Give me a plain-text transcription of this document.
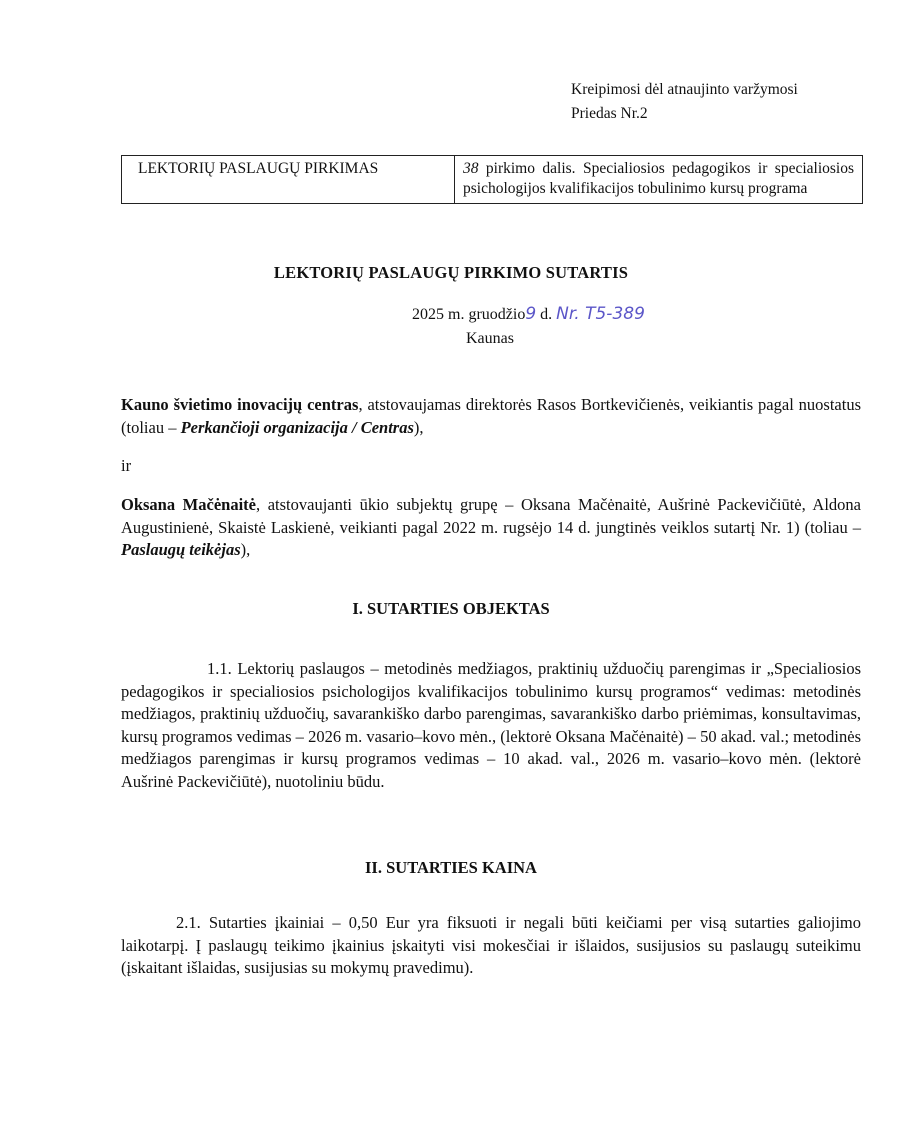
Kreipimosi dėl atnaujinto varžymosi
Priedas Nr.2
LEKTORIŲ PASLAUGŲ PIRKIMAS	38 pirkimo dalis. Specialiosios pedagogikos ir specialiosios psichologijos kvalifikacijos tobulinimo kursų programa
LEKTORIŲ PASLAUGŲ PIRKIMO SUTARTIS
2025 m. gruodžio9 d. Nr. T5-389
Kaunas
Kauno švietimo inovacijų centras, atstovaujamas direktorės Rasos Bortkevičienės, veikiantis pagal nuostatus (toliau – Perkančioji organizacija / Centras),
ir
Oksana Mačėnaitė, atstovaujanti ūkio subjektų grupę – Oksana Mačėnaitė, Aušrinė Packevičiūtė, Aldona Augustinienė, Skaistė Laskienė, veikianti pagal 2022 m. rugsėjo 14 d. jungtinės veiklos sutartį Nr. 1) (toliau – Paslaugų teikėjas),
I. SUTARTIES OBJEKTAS
1.1. Lektorių paslaugos – metodinės medžiagos, praktinių užduočių parengimas ir „Specialiosios pedagogikos ir specialiosios psichologijos kvalifikacijos tobulinimo kursų programos“ vedimas: metodinės medžiagos, praktinių užduočių, savarankiško darbo parengimas, savarankiško darbo priėmimas, konsultavimas, kursų programos vedimas – 2026 m. vasario–kovo mėn., (lektorė Oksana Mačėnaitė) – 50 akad. val.; metodinės medžiagos parengimas ir kursų programos vedimas – 10 akad. val., 2026 m. vasario–kovo mėn. (lektorė Aušrinė Packevičiūtė), nuotoliniu būdu.
II. SUTARTIES KAINA
2.1. Sutarties įkainiai – 0,50 Eur yra fiksuoti ir negali būti keičiami per visą sutarties galiojimo laikotarpį. Į paslaugų teikimo įkainius įskaityti visi mokesčiai ir išlaidos, susijusios su paslaugų suteikimu (įskaitant išlaidas, susijusias su mokymų pravedimu).
